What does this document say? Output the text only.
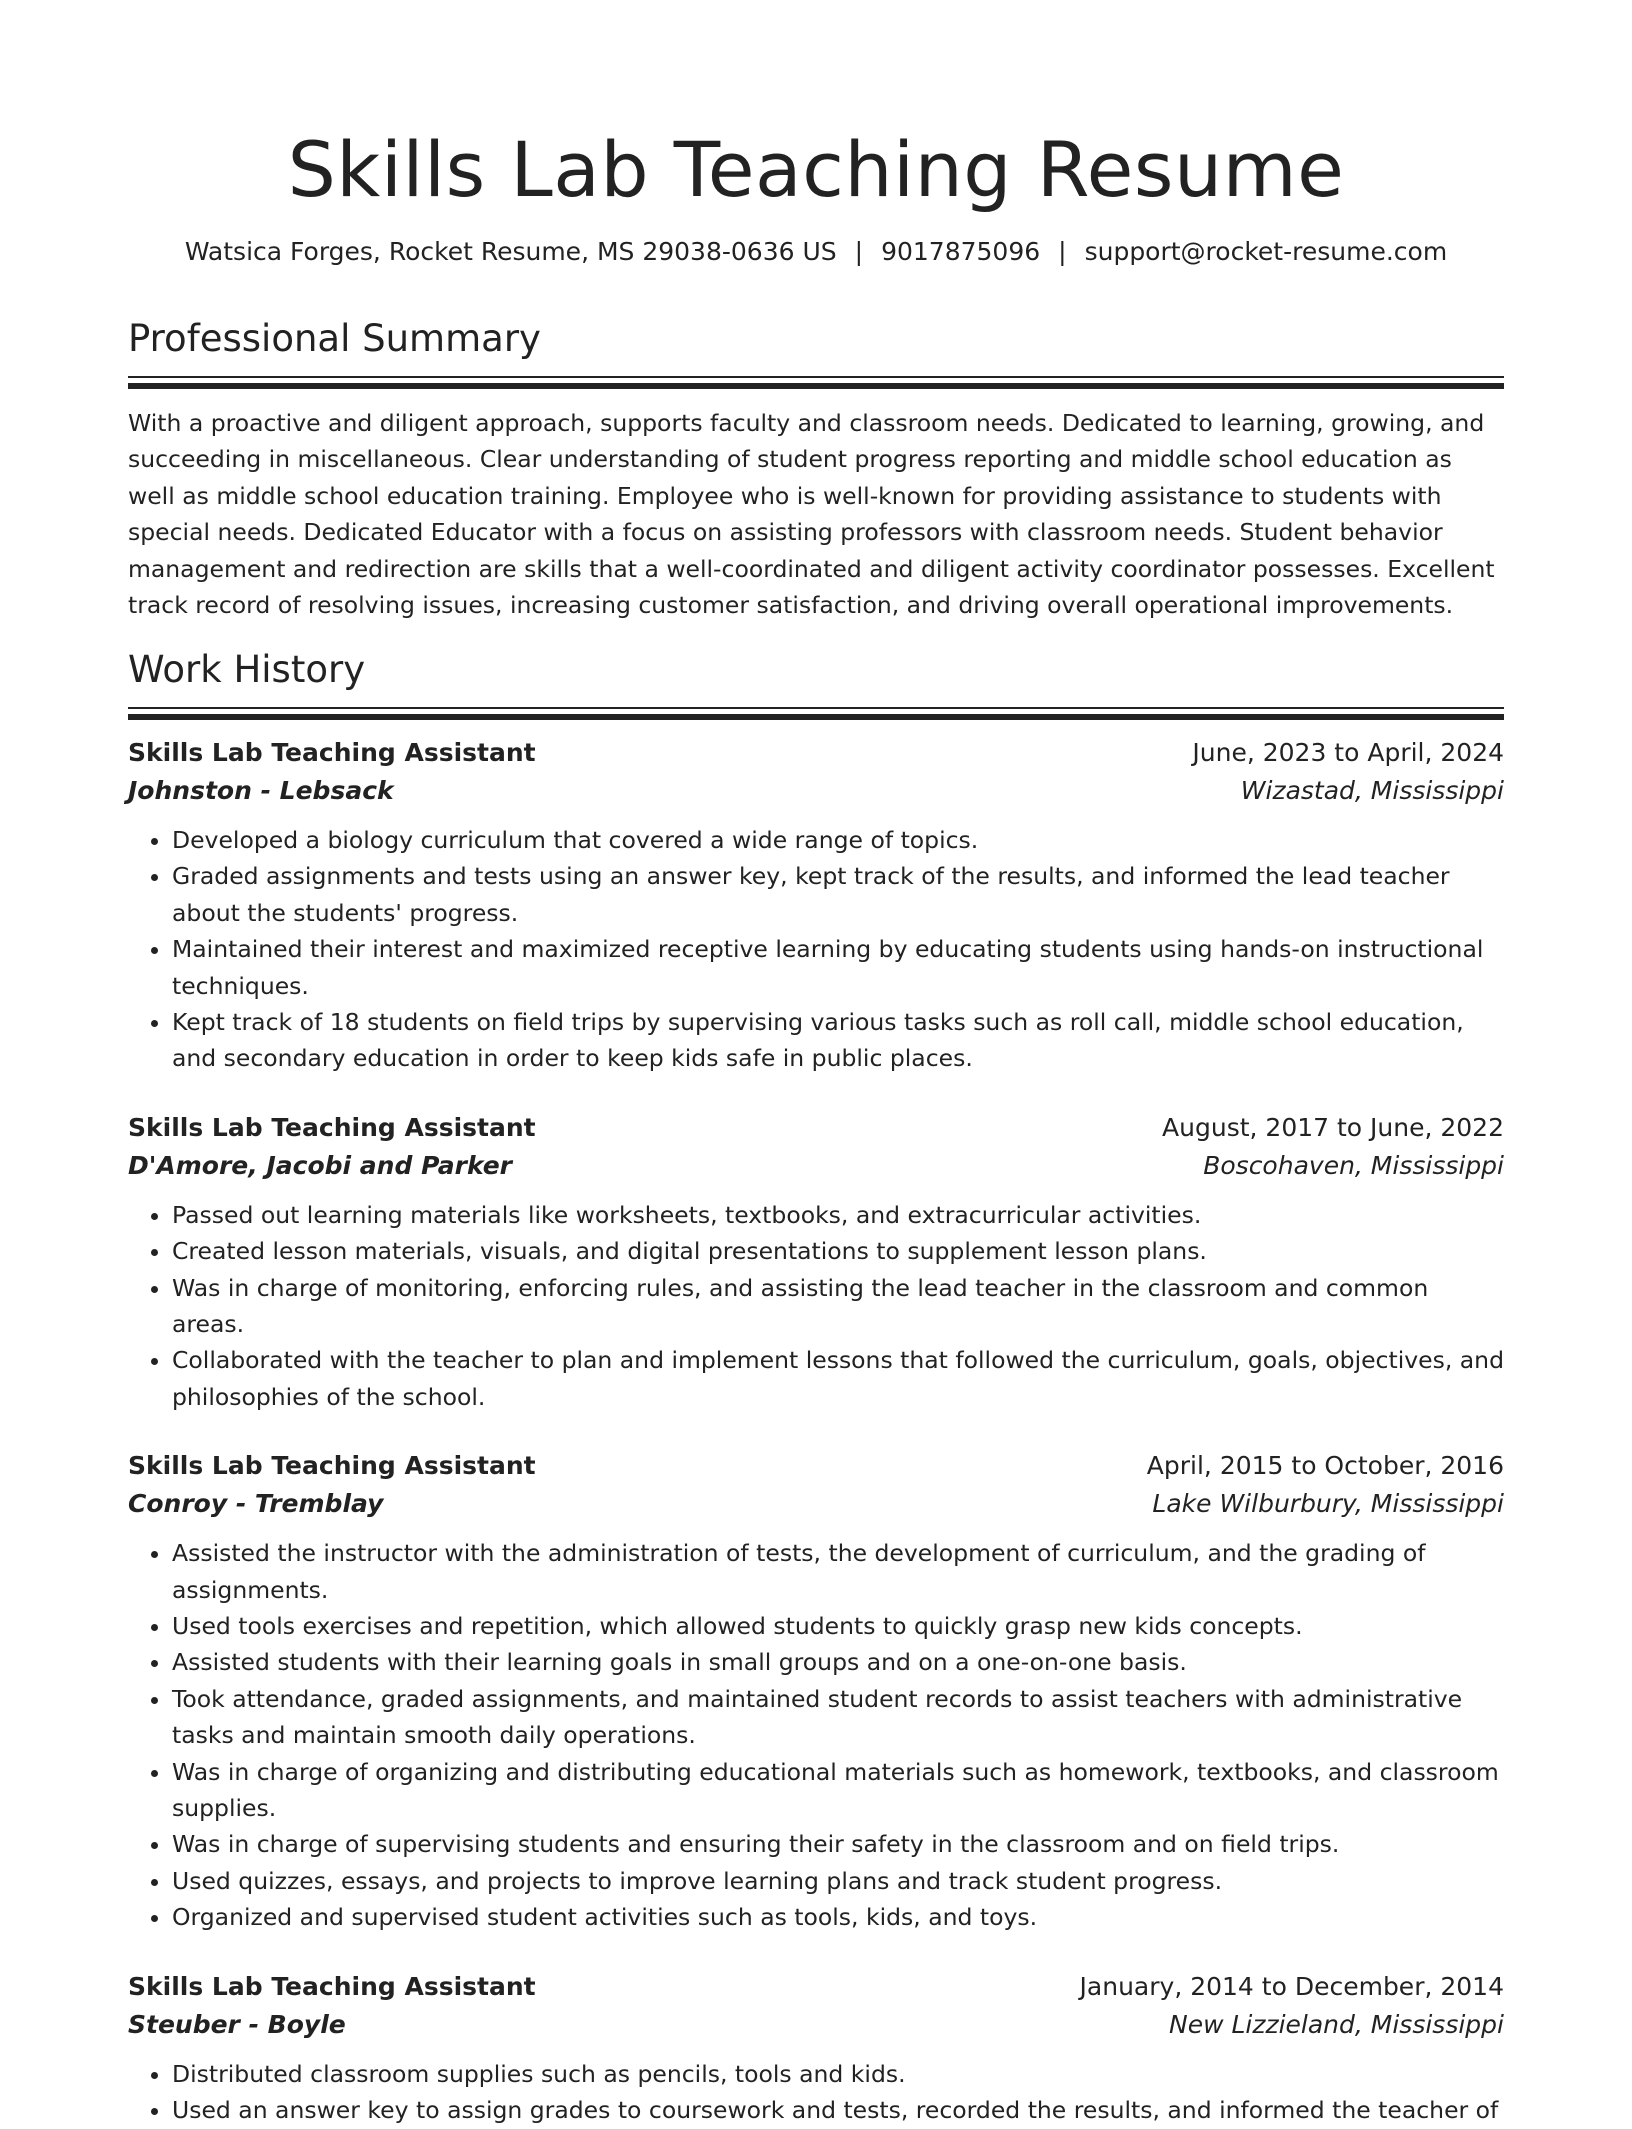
Skills Lab Teaching Resume
Watsica Forges, Rocket Resume, MS 29038-0636 US | 9017875096 | support@rocket-resume.com
Professional Summary

With a proactive and diligent approach, supports faculty and classroom needs. Dedicated to learning, growing, and succeeding in miscellaneous. Clear understanding of student progress reporting and middle school education as well as middle school education training. Employee who is well-known for providing assistance to students with special needs. Dedicated Educator with a focus on assisting professors with classroom needs. Student behavior management and redirection are skills that a well-coordinated and diligent activity coordinator possesses. Excellent track record of resolving issues, increasing customer satisfaction, and driving overall operational improvements.

Work History
Skills Lab Teaching Assistant	June, 2023 to April, 2024
Johnston - Lebsack	Wizastad, Mississippi
• Developed a biology curriculum that covered a wide range of topics.
• Graded assignments and tests using an answer key, kept track of the results, and informed the lead teacher about the students' progress.
• Maintained their interest and maximized receptive learning by educating students using hands-on instructional techniques.
• Kept track of 18 students on field trips by supervising various tasks such as roll call, middle school education, and secondary education in order to keep kids safe in public places.
Skills Lab Teaching Assistant	August, 2017 to June, 2022
D'Amore, Jacobi and Parker	Boscohaven, Mississippi
• Passed out learning materials like worksheets, textbooks, and extracurricular activities.
• Created lesson materials, visuals, and digital presentations to supplement lesson plans.
• Was in charge of monitoring, enforcing rules, and assisting the lead teacher in the classroom and common areas.
• Collaborated with the teacher to plan and implement lessons that followed the curriculum, goals, objectives, and philosophies of the school.
Skills Lab Teaching Assistant	April, 2015 to October, 2016
Conroy - Tremblay	Lake Wilburbury, Mississippi
• Assisted the instructor with the administration of tests, the development of curriculum, and the grading of assignments.
• Used tools exercises and repetition, which allowed students to quickly grasp new kids concepts.
• Assisted students with their learning goals in small groups and on a one-on-one basis.
• Took attendance, graded assignments, and maintained student records to assist teachers with administrative tasks and maintain smooth daily operations.
• Was in charge of organizing and distributing educational materials such as homework, textbooks, and classroom supplies.
• Was in charge of supervising students and ensuring their safety in the classroom and on field trips.
• Used quizzes, essays, and projects to improve learning plans and track student progress.
• Organized and supervised student activities such as tools, kids, and toys.
Skills Lab Teaching Assistant	January, 2014 to December, 2014
Steuber - Boyle	New Lizzieland, Mississippi
• Distributed classroom supplies such as pencils, tools and kids.
• Used an answer key to assign grades to coursework and tests, recorded the results, and informed the teacher of
